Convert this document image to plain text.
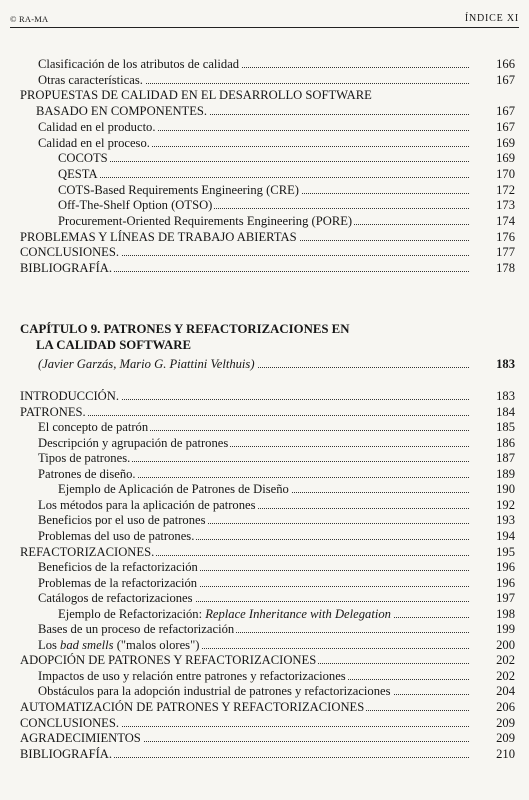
© RA-MA	ÍNDICE XI
CAPÍTULO 9. PATRONES Y REFACTORIZACIONES EN
LA CALIDAD SOFTWARE
Clasificación de los atributos de calidad	166
Otras características.	167
PROPUESTAS DE CALIDAD EN EL DESARROLLO SOFTWARE
BASADO EN COMPONENTES.	167
Calidad en el producto.	167
Calidad en el proceso.	169
COCOTS	169
QESTA	170
COTS-Based Requirements Engineering (CRE)	172
Off-The-Shelf Option (OTSO)	173
Procurement-Oriented Requirements Engineering (PORE)	174
PROBLEMAS Y LÍNEAS DE TRABAJO ABIERTAS	176
CONCLUSIONES.	177
BIBLIOGRAFÍA.	178
(Javier Garzás, Mario G. Piattini Velthuis)	183
INTRODUCCIÓN.	183
PATRONES.	184
El concepto de patrón	185
Descripción y agrupación de patrones	186
Tipos de patrones.	187
Patrones de diseño.	189
Ejemplo de Aplicación de Patrones de Diseño	190
Los métodos para la aplicación de patrones	192
Beneficios por el uso de patrones	193
Problemas del uso de patrones.	194
REFACTORIZACIONES.	195
Beneficios de la refactorización	196
Problemas de la refactorización	196
Catálogos de refactorizaciones	197
Ejemplo de Refactorización: Replace Inheritance with Delegation	198
Bases de un proceso de refactorización	199
Los bad smells ("malos olores")	200
ADOPCIÓN DE PATRONES Y REFACTORIZACIONES	202
Impactos de uso y relación entre patrones y refactorizaciones	202
Obstáculos para la adopción industrial de patrones y refactorizaciones	204
AUTOMATIZACIÓN DE PATRONES Y REFACTORIZACIONES	206
CONCLUSIONES.	209
AGRADECIMIENTOS	209
BIBLIOGRAFÍA.	210
